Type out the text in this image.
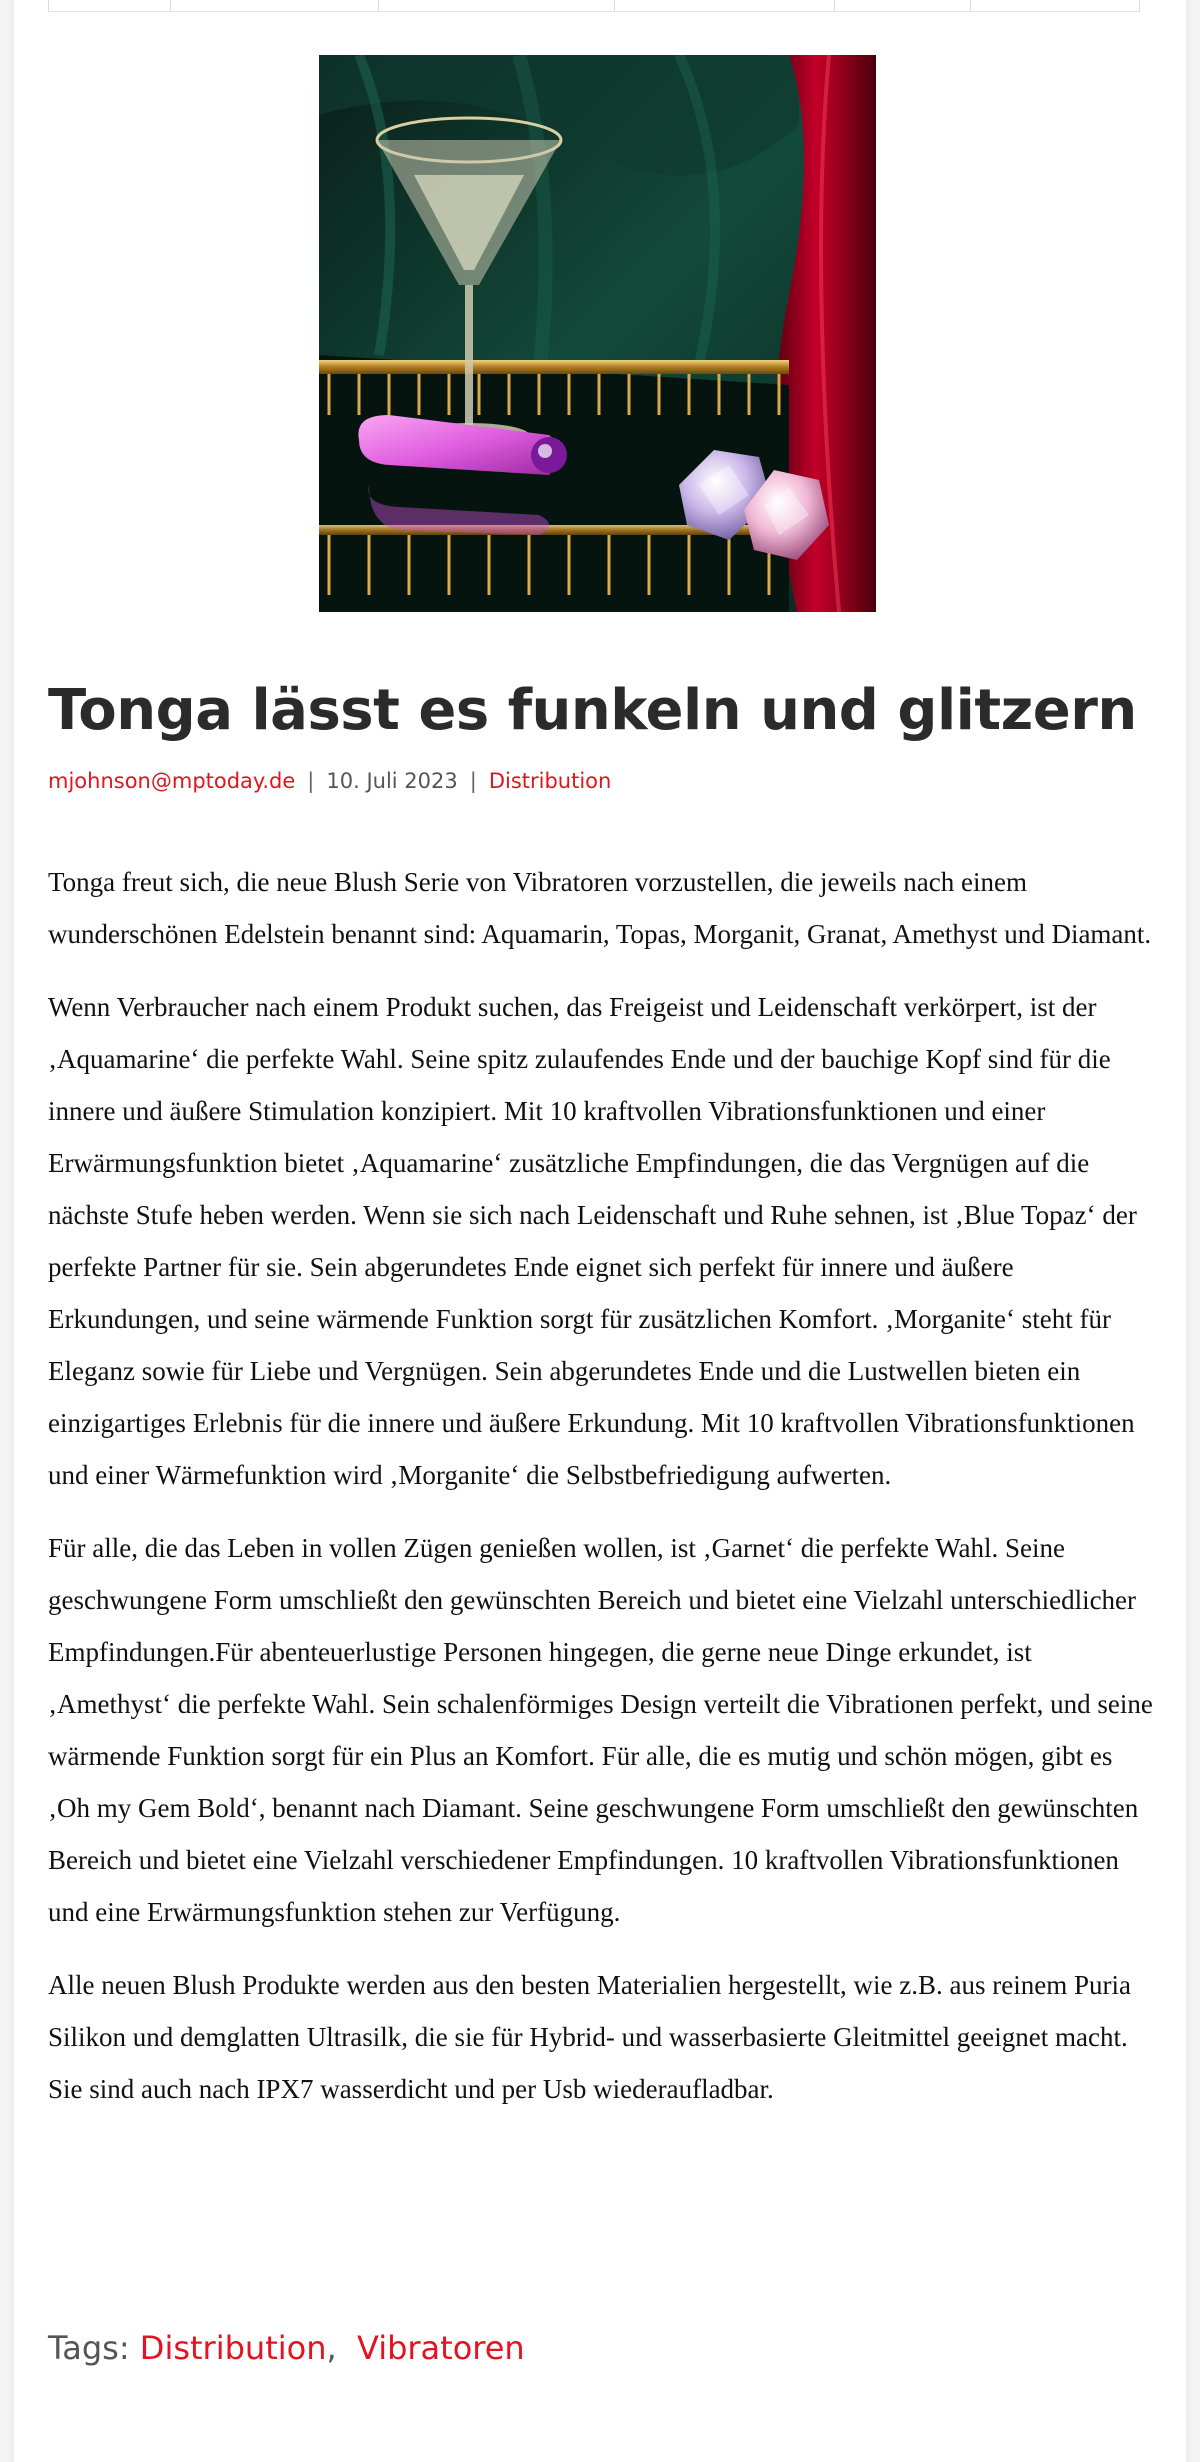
Tonga lässt es funkeln und glitzern
mjohnson@mptoday.de | 10. Juli 2023 | Distribution

Tonga freut sich, die neue Blush Serie von Vibratoren vorzustellen, die jeweils nach einem wunderschönen Edelstein benannt sind: Aquamarin, Topas, Morganit, Granat, Amethyst und Diamant.

Wenn Verbraucher nach einem Produkt suchen, das Freigeist und Leidenschaft verkörpert, ist der ‚Aquamarine‘ die perfekte Wahl. Seine spitz zulaufendes Ende und der bauchige Kopf sind für die innere und äußere Stimulation konzipiert. Mit 10 kraftvollen Vibrationsfunktionen und einer Erwärmungsfunktion bietet ‚Aquamarine‘ zusätzliche Empfindungen, die das Vergnügen auf die nächste Stufe heben werden. Wenn sie sich nach Leidenschaft und Ruhe sehnen, ist ‚Blue Topaz‘ der perfekte Partner für sie. Sein abgerundetes Ende eignet sich perfekt für innere und äußere Erkundungen, und seine wärmende Funktion sorgt für zusätzlichen Komfort. ‚Morganite‘ steht für Eleganz sowie für Liebe und Vergnügen. Sein abgerundetes Ende und die Lustwellen bieten ein einzigartiges Erlebnis für die innere und äußere Erkundung. Mit 10 kraftvollen Vibrationsfunktionen und einer Wärmefunktion wird ‚Morganite‘ die Selbstbefriedigung aufwerten.

Für alle, die das Leben in vollen Zügen genießen wollen, ist ‚Garnet‘ die perfekte Wahl. Seine geschwungene Form umschließt den gewünschten Bereich und bietet eine Vielzahl unterschiedlicher Empfindungen.Für abenteuerlustige Personen hingegen, die gerne neue Dinge erkundet, ist ‚Amethyst‘ die perfekte Wahl. Sein schalenförmiges Design verteilt die Vibrationen perfekt, und seine wärmende Funktion sorgt für ein Plus an Komfort. Für alle, die es mutig und schön mögen, gibt es ‚Oh my Gem Bold‘, benannt nach Diamant. Seine geschwungene Form umschließt den gewünschten Bereich und bietet eine Vielzahl verschiedener Empfindungen. 10 kraftvollen Vibrationsfunktionen und eine Erwärmungsfunktion stehen zur Verfügung.

Alle neuen Blush Produkte werden aus den besten Materialien hergestellt, wie z.B. aus reinem Puria Silikon und demglatten Ultrasilk, die sie für Hybrid- und wasserbasierte Gleitmittel geeignet macht. Sie sind auch nach IPX7 wasserdicht und per Usb wiederaufladbar.

Tags: Distribution, Vibratoren
